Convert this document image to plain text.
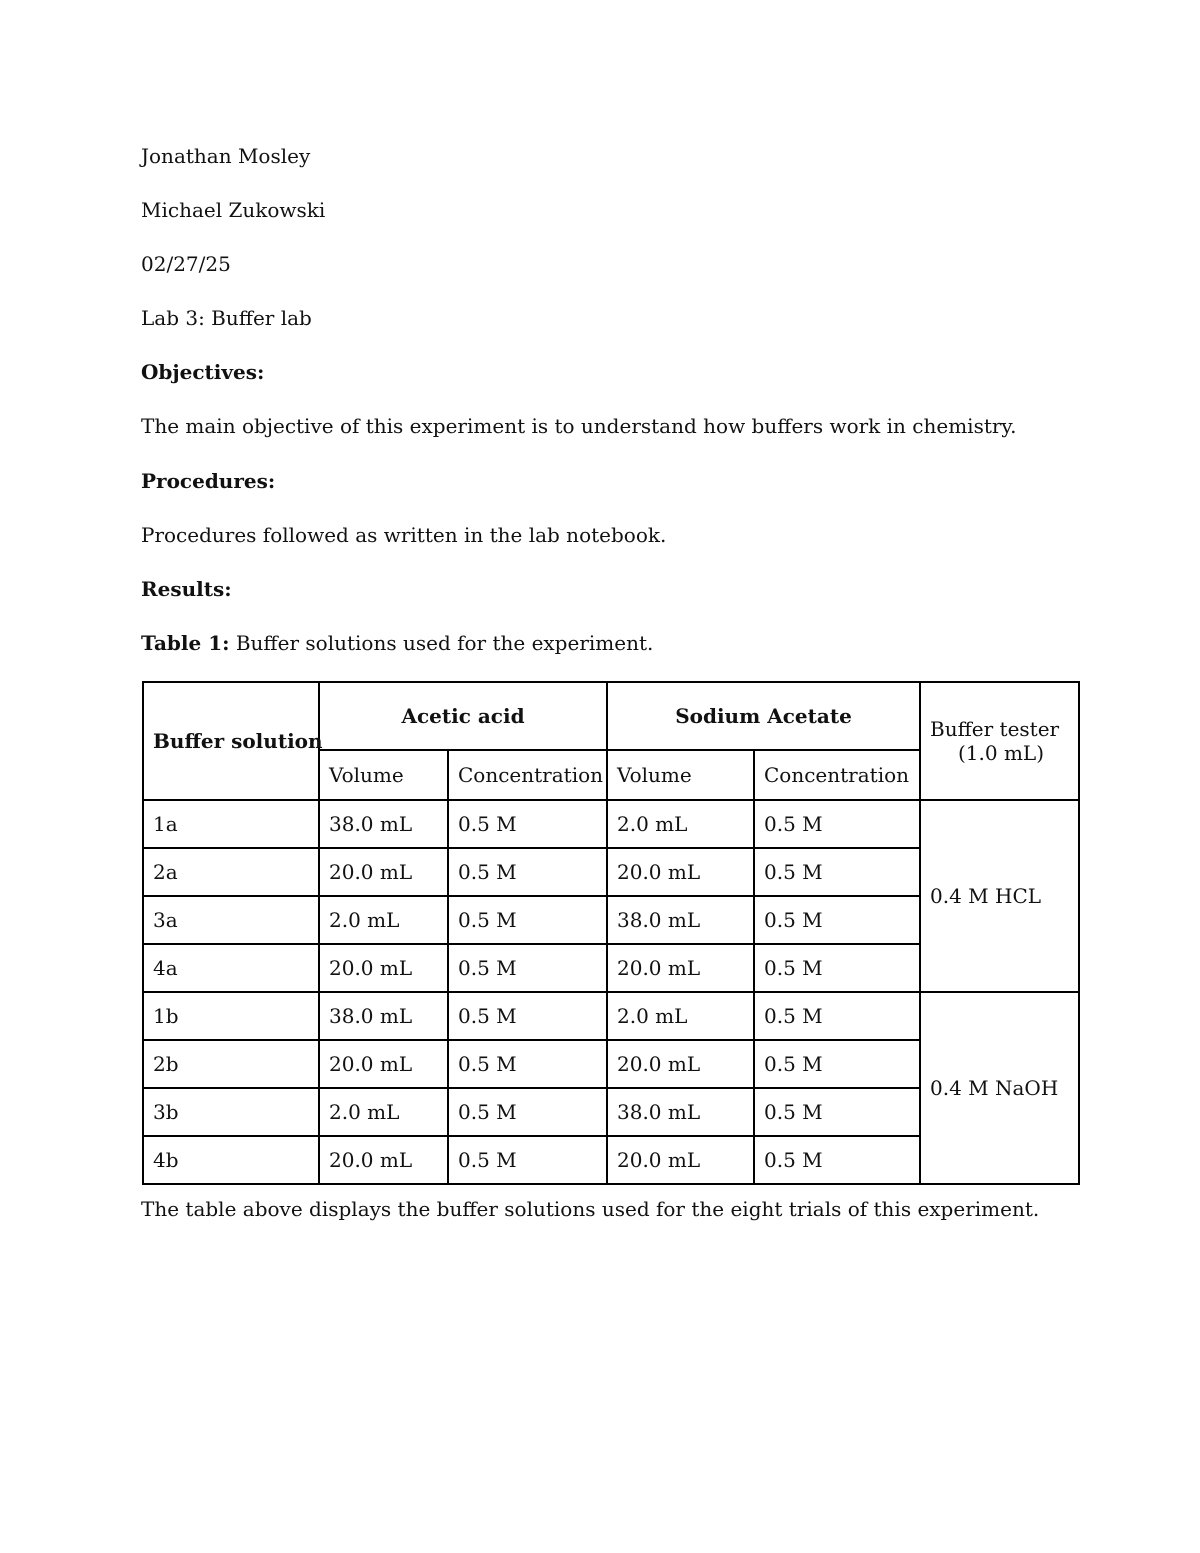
Jonathan Mosley

Michael Zukowski

02/27/25

Lab 3: Buffer lab

Objectives:

The main objective of this experiment is to understand how buffers work in chemistry.

Procedures:

Procedures followed as written in the lab notebook.

Results:

Table 1: Buffer solutions used for the experiment.

Buffer solution	Acetic acid		Sodium Acetate		Buffer tester
(1.0 mL)

	Volume	Concentration	Volume	Concentration	
1a	38.0 mL	0.5 M	2.0 mL	0.5 M	0.4 M HCL
2a	20.0 mL	0.5 M	20.0 mL	0.5 M	
3a	2.0 mL	0.5 M	38.0 mL	0.5 M	
4a	20.0 mL	0.5 M	20.0 mL	0.5 M	
1b	38.0 mL	0.5 M	2.0 mL	0.5 M	0.4 M NaOH
2b	20.0 mL	0.5 M	20.0 mL	0.5 M	
3b	2.0 mL	0.5 M	38.0 mL	0.5 M	
4b	20.0 mL	0.5 M	20.0 mL	0.5 M	

The table above displays the buffer solutions used for the eight trials of this experiment.
